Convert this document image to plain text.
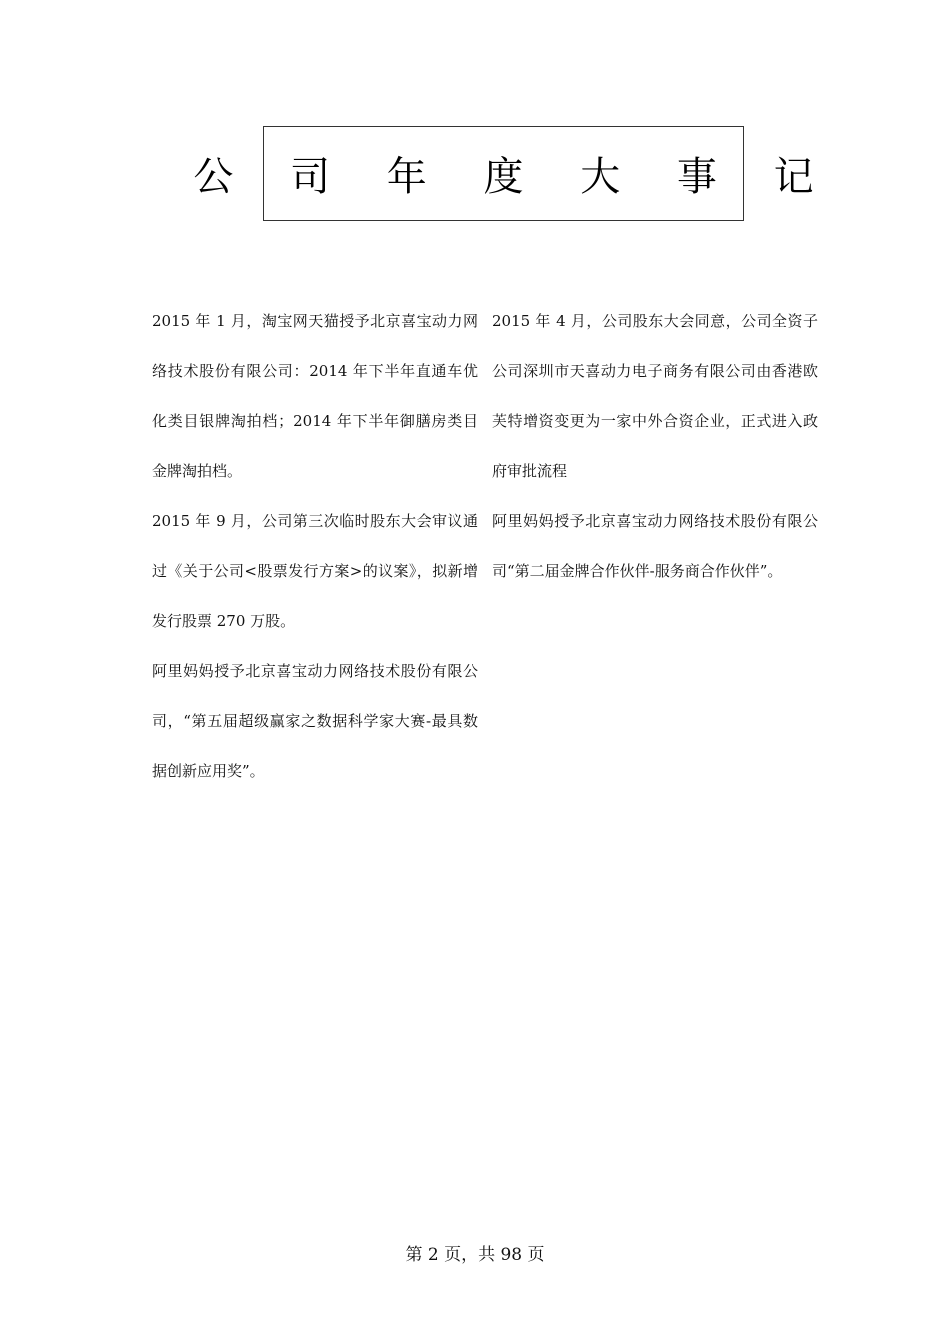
公 司 年 度 大 事 记

2015 年 1 月，淘宝网天猫授予北京喜宝动力网络技术股份有限公司：2014 年下半年直通车优化类目银牌淘拍档；2014 年下半年御膳房类目金牌淘拍档。

2015 年 9 月，公司第三次临时股东大会审议通过《关于公司<股票发行方案>的议案》，拟新增发行股票 270 万股。

阿里妈妈授予北京喜宝动力网络技术股份有限公司，“第五届超级赢家之数据科学家大赛-最具数据创新应用奖”。

2015 年 4 月，公司股东大会同意，公司全资子公司深圳市天喜动力电子商务有限公司由香港欧芙特增资变更为一家中外合资企业，正式进入政府审批流程

阿里妈妈授予北京喜宝动力网络技术股份有限公司“第二届金牌合作伙伴-服务商合作伙伴”。

第 2 页，共 98 页
